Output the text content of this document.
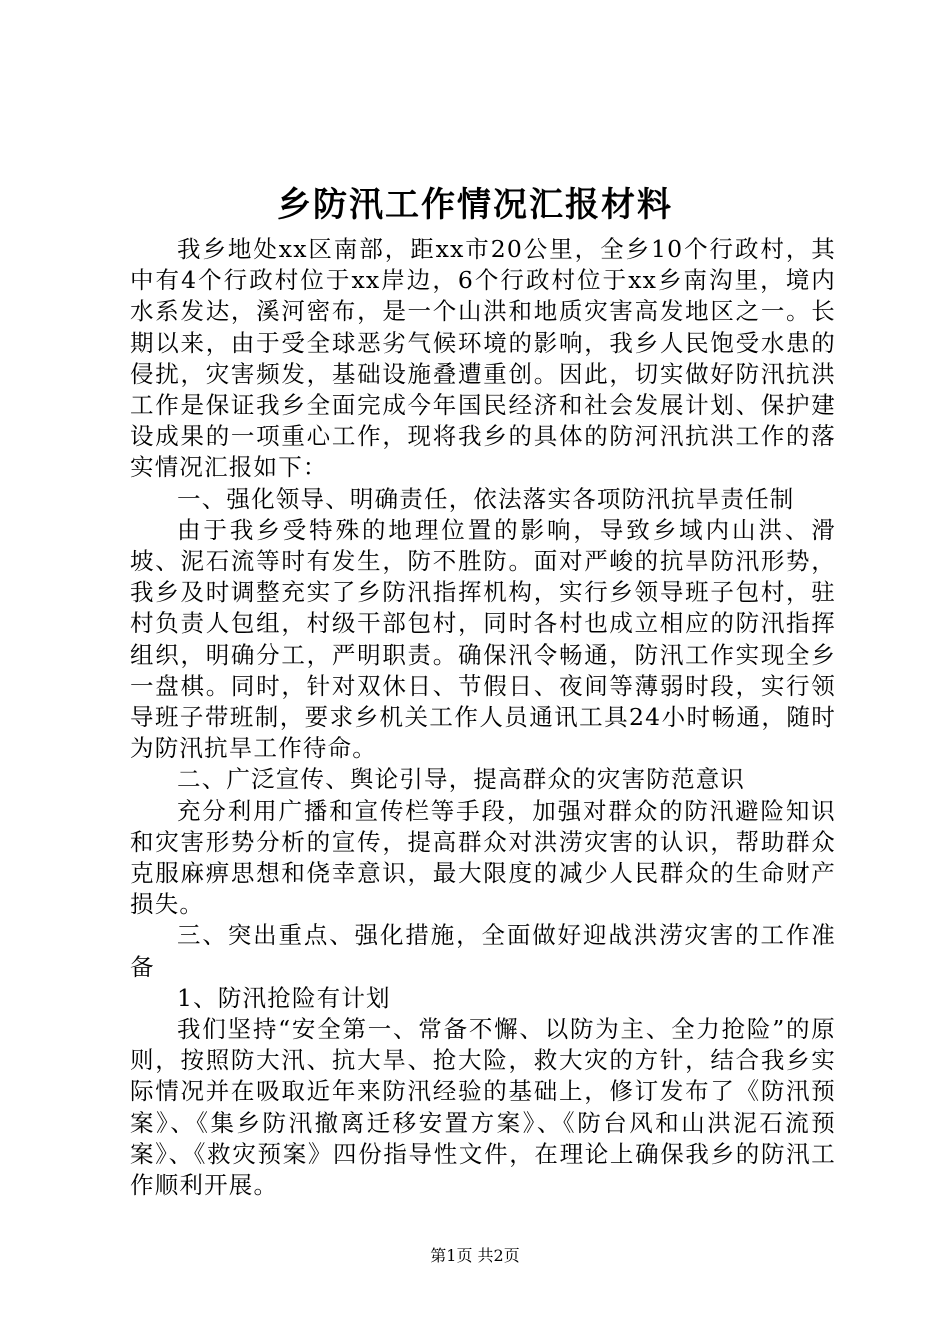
乡防汛工作情况汇报材料

我乡地处xx区南部，距xx市20公里，全乡10个行政村，其中有4个行政村位于xx岸边，6个行政村位于xx乡南沟里，境内水系发达，溪河密布，是一个山洪和地质灾害高发地区之一。长期以来，由于受全球恶劣气候环境的影响，我乡人民饱受水患的侵扰，灾害频发，基础设施叠遭重创。因此，切实做好防汛抗洪工作是保证我乡全面完成今年国民经济和社会发展计划、保护建设成果的一项重心工作，现将我乡的具体的防河汛抗洪工作的落实情况汇报如下：

一、强化领导、明确责任，依法落实各项防汛抗旱责任制

由于我乡受特殊的地理位置的影响，导致乡域内山洪、滑坡、泥石流等时有发生，防不胜防。面对严峻的抗旱防汛形势，我乡及时调整充实了乡防汛指挥机构，实行乡领导班子包村，驻村负责人包组，村级干部包村，同时各村也成立相应的防汛指挥组织，明确分工，严明职责。确保汛令畅通，防汛工作实现全乡一盘棋。同时，针对双休日、节假日、夜间等薄弱时段，实行领导班子带班制，要求乡机关工作人员通讯工具24小时畅通，随时为防汛抗旱工作待命。

二、广泛宣传、舆论引导，提高群众的灾害防范意识

充分利用广播和宣传栏等手段，加强对群众的防汛避险知识和灾害形势分析的宣传，提高群众对洪涝灾害的认识，帮助群众克服麻痹思想和侥幸意识，最大限度的减少人民群众的生命财产损失。

三、突出重点、强化措施，全面做好迎战洪涝灾害的工作准备

1、防汛抢险有计划

我们坚持“安全第一、常备不懈、以防为主、全力抢险”的原则，按照防大汛、抗大旱、抢大险，救大灾的方针，结合我乡实际情况并在吸取近年来防汛经验的基础上，修订发布了《防汛预案》、《集乡防汛撤离迁移安置方案》、《防台风和山洪泥石流预案》、《救灾预案》四份指导性文件，在理论上确保我乡的防汛工作顺利开展。

第1页 共2页
